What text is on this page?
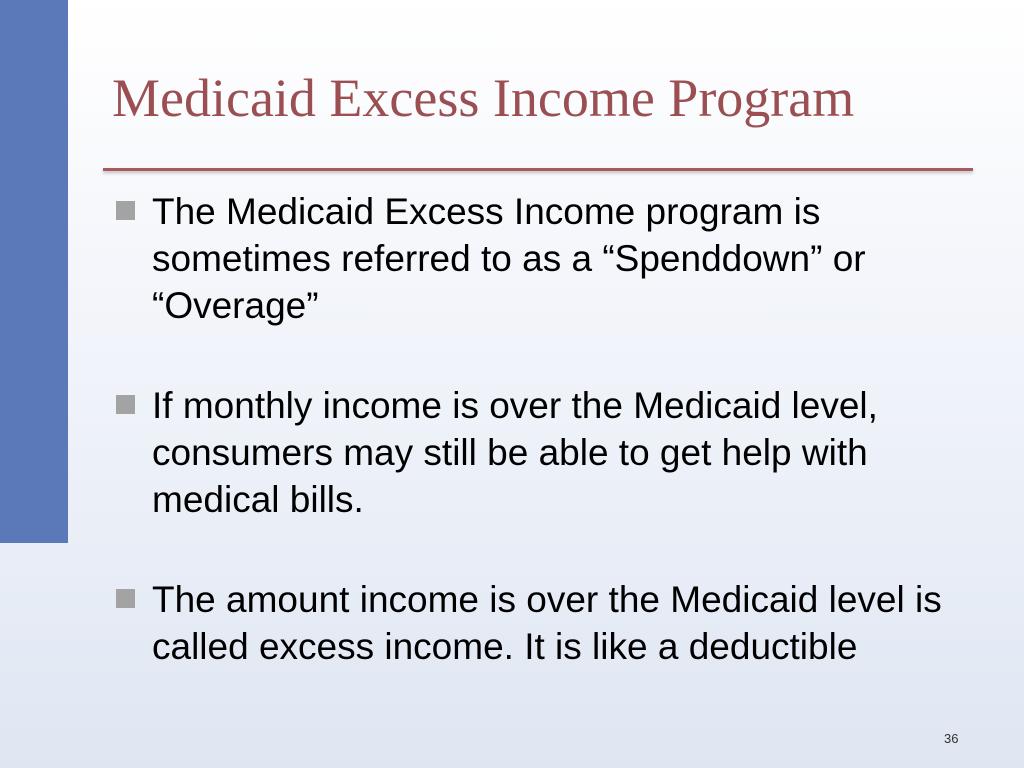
Medicaid Excess Income Program
The Medicaid Excess Income program is sometimes referred to as a “Spenddown” or “Overage”
If monthly income is over the Medicaid level, consumers may still be able to get help with medical bills.
The amount income is over the Medicaid level is called excess income. It is like a deductible
36
